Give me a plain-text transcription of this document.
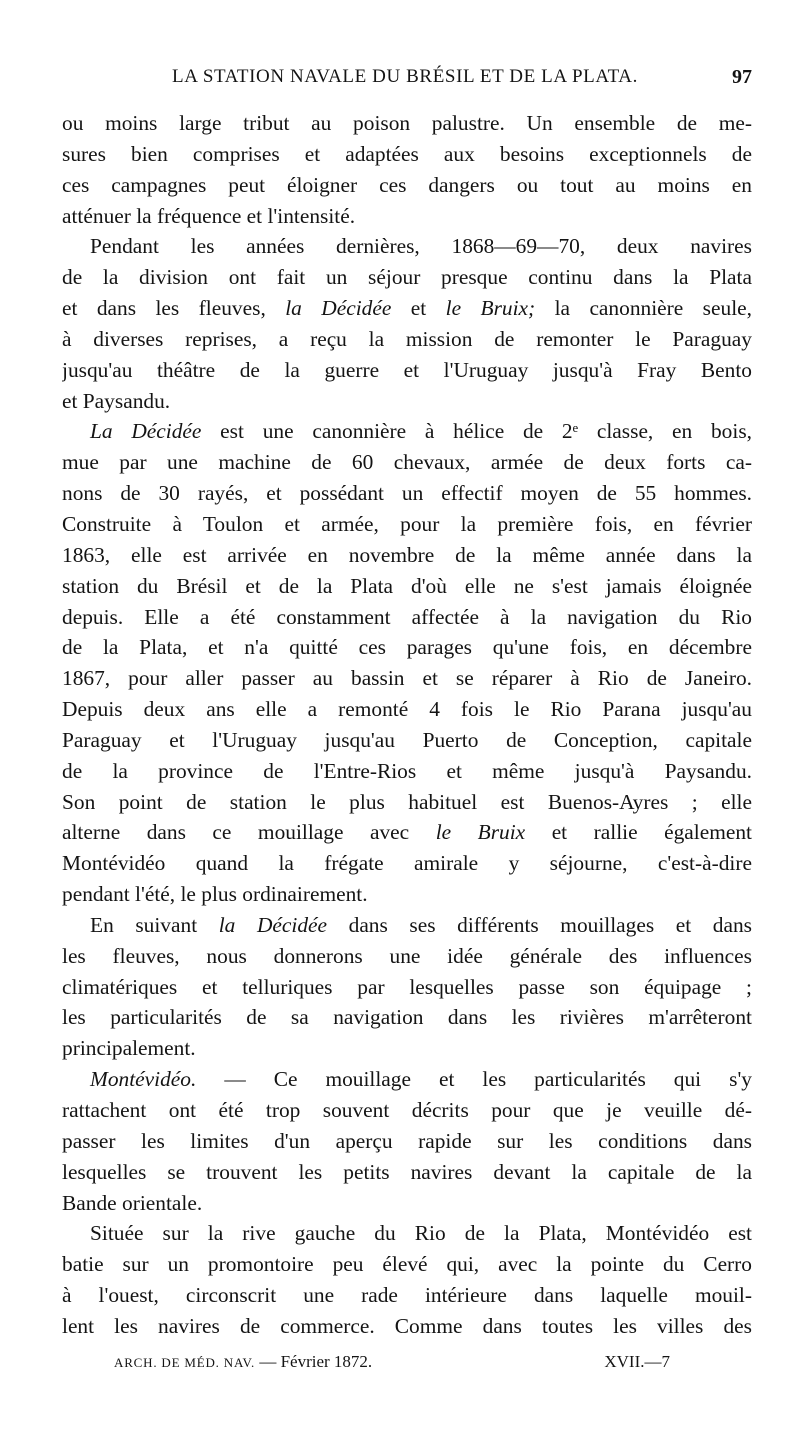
LA STATION NAVALE DU BRÉSIL ET DE LA PLATA.	97
ou moins large tribut au poison palustre. Un ensemble de me-
sures bien comprises et adaptées aux besoins exceptionnels de
ces campagnes peut éloigner ces dangers ou tout au moins en
atténuer la fréquence et l'intensité.
Pendant les années dernières, 1868—69—70, deux navires
de la division ont fait un séjour presque continu dans la Plata
et dans les fleuves, la Décidée et le Bruix; la canonnière seule,
à diverses reprises, a reçu la mission de remonter le Paraguay
jusqu'au théâtre de la guerre et l'Uruguay jusqu'à Fray Bento
et Paysandu.
La Décidée est une canonnière à hélice de 2ᵉ classe, en bois,
mue par une machine de 60 chevaux, armée de deux forts ca-
nons de 30 rayés, et possédant un effectif moyen de 55 hommes.
Construite à Toulon et armée, pour la première fois, en février
1863, elle est arrivée en novembre de la même année dans la
station du Brésil et de la Plata d'où elle ne s'est jamais éloignée
depuis. Elle a été constamment affectée à la navigation du Rio
de la Plata, et n'a quitté ces parages qu'une fois, en décembre
1867, pour aller passer au bassin et se réparer à Rio de Janeiro.
Depuis deux ans elle a remonté 4 fois le Rio Parana jusqu'au
Paraguay et l'Uruguay jusqu'au Puerto de Conception, capitale
de la province de l'Entre-Rios et même jusqu'à Paysandu.
Son point de station le plus habituel est Buenos-Ayres ; elle
alterne dans ce mouillage avec le Bruix et rallie également
Montévidéo quand la frégate amirale y séjourne, c'est-à-dire
pendant l'été, le plus ordinairement.
En suivant la Décidée dans ses différents mouillages et dans
les fleuves, nous donnerons une idée générale des influences
climatériques et telluriques par lesquelles passe son équipage ;
les particularités de sa navigation dans les rivières m'arrêteront
principalement.
Montévidéo. — Ce mouillage et les particularités qui s'y
rattachent ont été trop souvent décrits pour que je veuille dé-
passer les limites d'un aperçu rapide sur les conditions dans
lesquelles se trouvent les petits navires devant la capitale de la
Bande orientale.
Située sur la rive gauche du Rio de la Plata, Montévidéo est
batie sur un promontoire peu élevé qui, avec la pointe du Cerro
à l'ouest, circonscrit une rade intérieure dans laquelle mouil-
lent les navires de commerce. Comme dans toutes les villes des
ARCH. DE MÉD. NAV. — Février 1872.	XVII.—7
